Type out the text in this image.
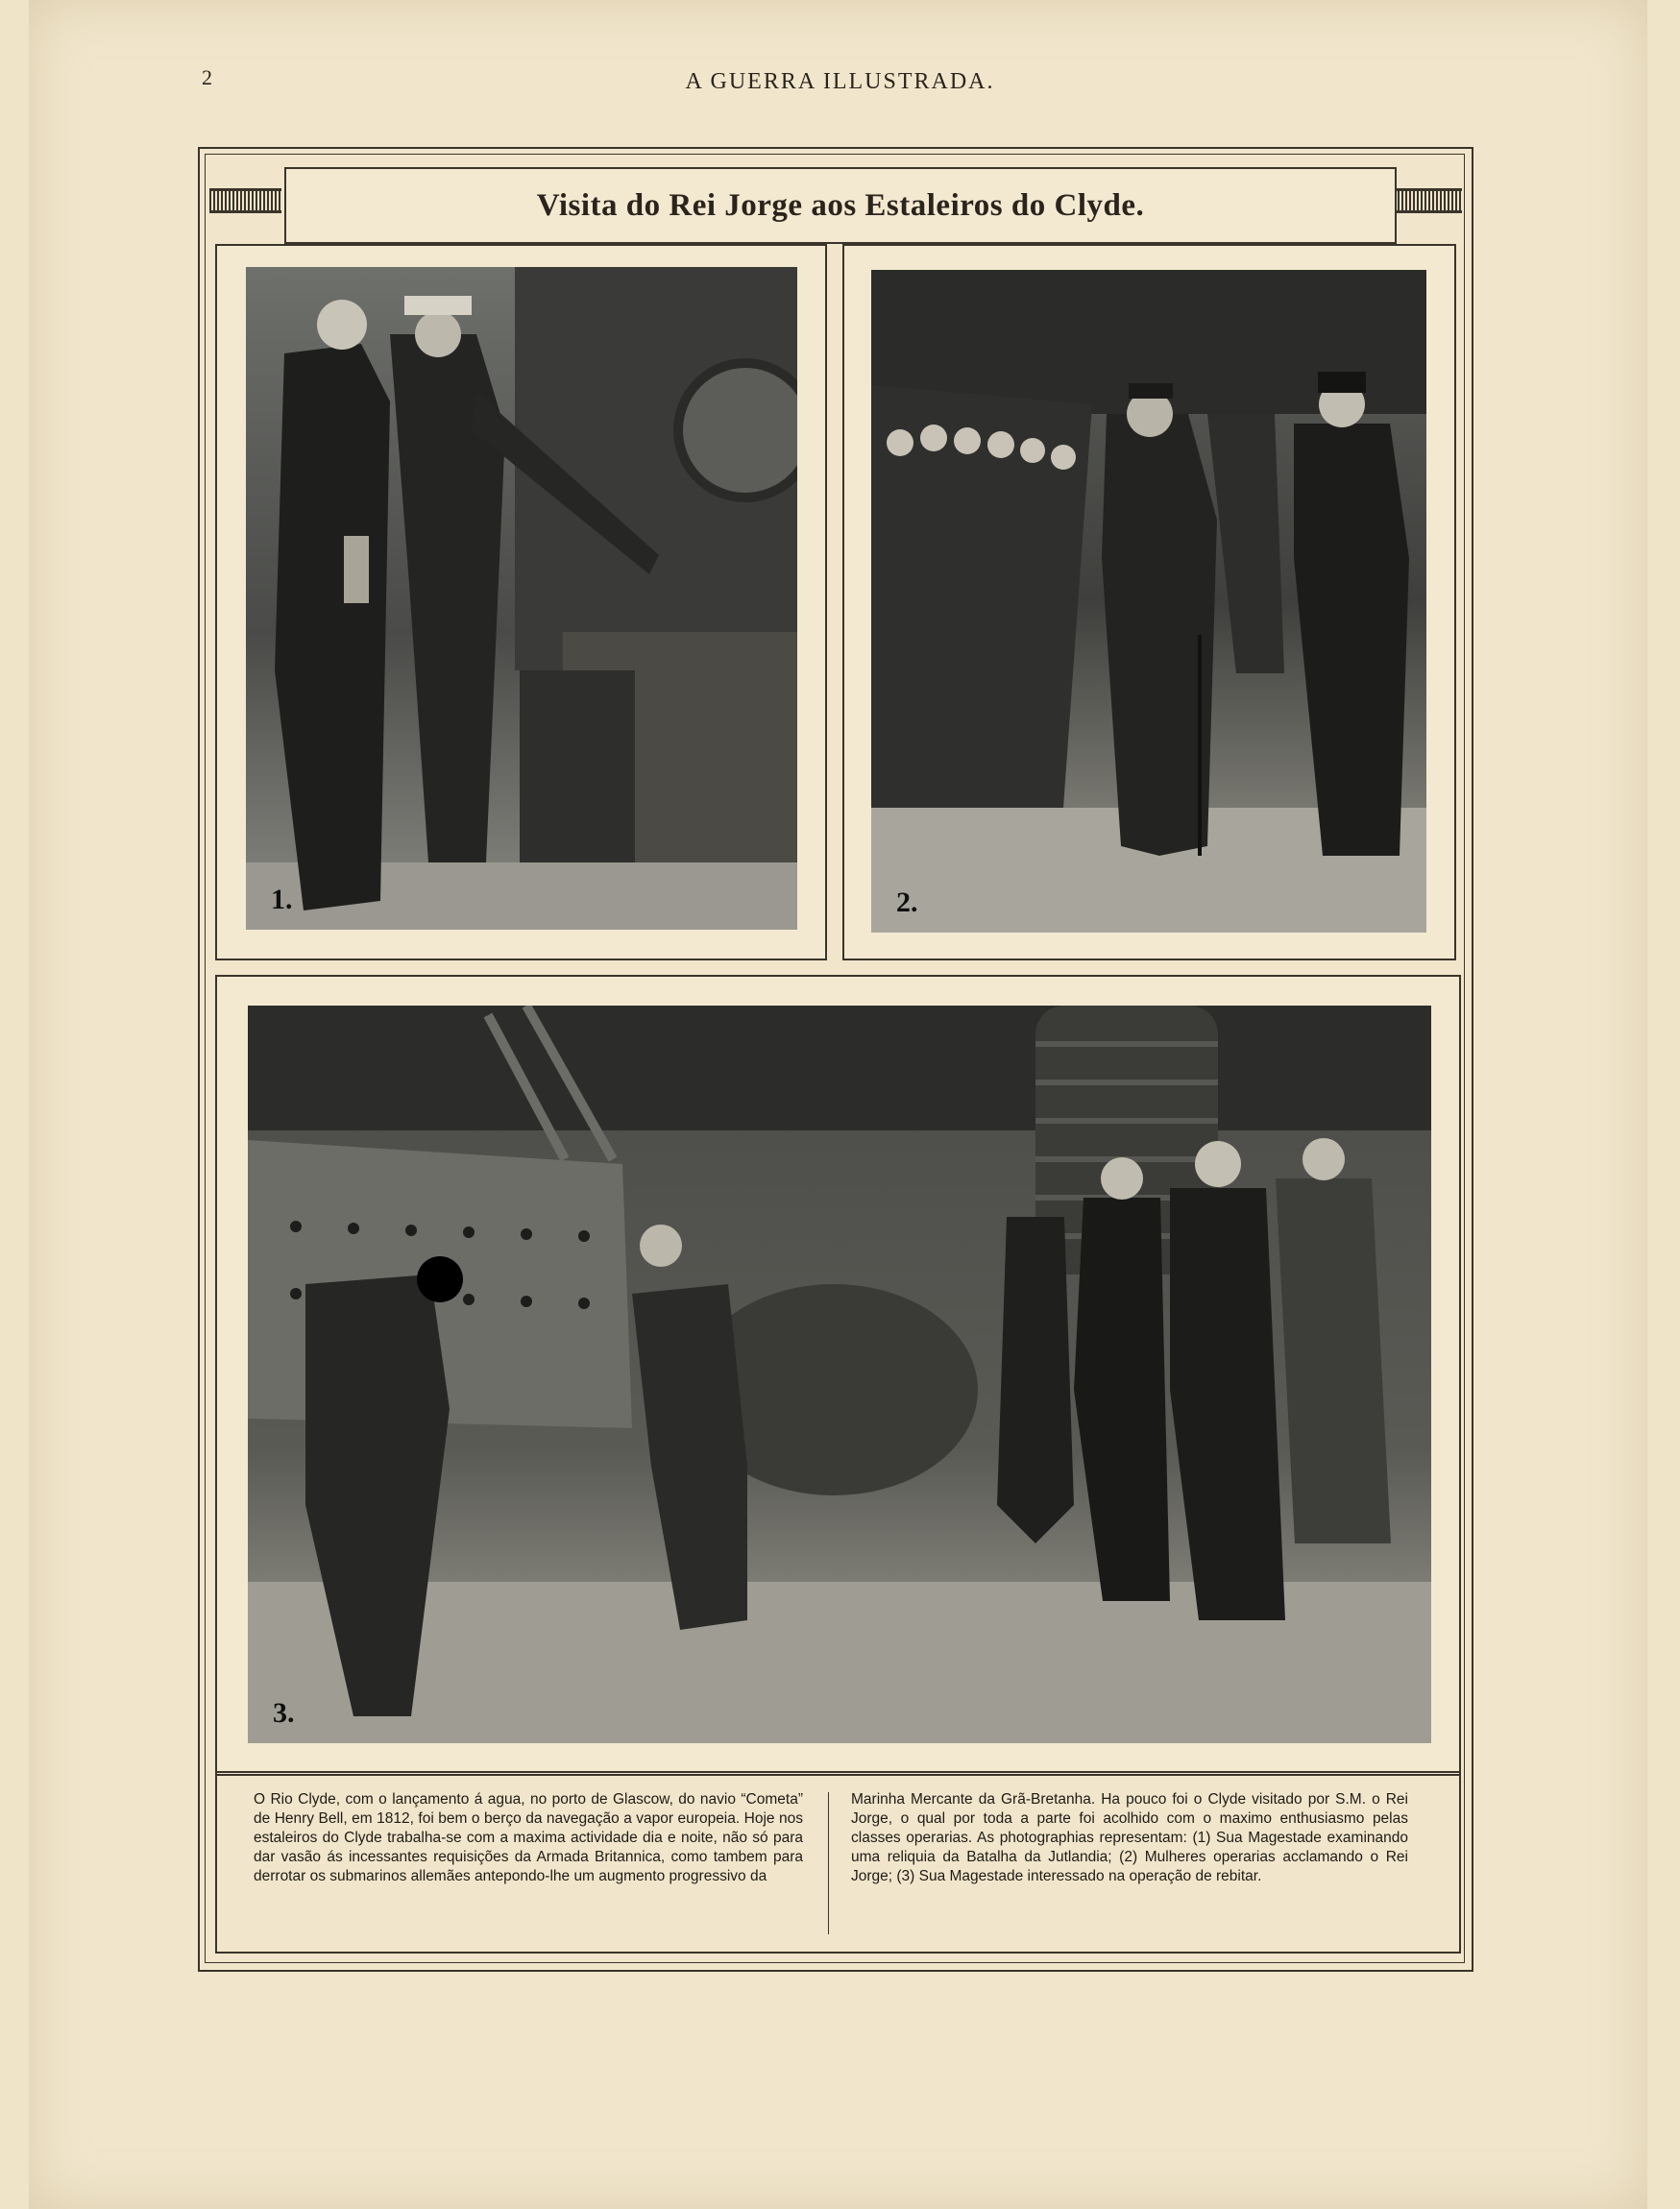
2	A GUERRA ILLUSTRADA.
Visita do Rei Jorge aos Estaleiros do Clyde.
1.	2.
3.
O Rio Clyde, com o lançamento á agua, no porto de Glascow, do navio “Cometa” de Henry Bell, em 1812, foi bem o berço da navegação a vapor europeia. Hoje nos estaleiros do Clyde trabalha-se com a maxima actividade dia e noite, não só para dar vasão ás incessantes requisições da Armada Britannica, como tambem para derrotar os submarinos allemães antepondo-lhe um augmento progressivo da
Marinha Mercante da Grã-Bretanha. Ha pouco foi o Clyde visitado por S.M. o Rei Jorge, o qual por toda a parte foi acolhido com o maximo enthusiasmo pelas classes operarias. As photographias representam: (1) Sua Magestade examinando uma reliquia da Batalha da Jutlandia; (2) Mulheres operarias acclamando o Rei Jorge; (3) Sua Magestade interessado na operação de rebitar.
